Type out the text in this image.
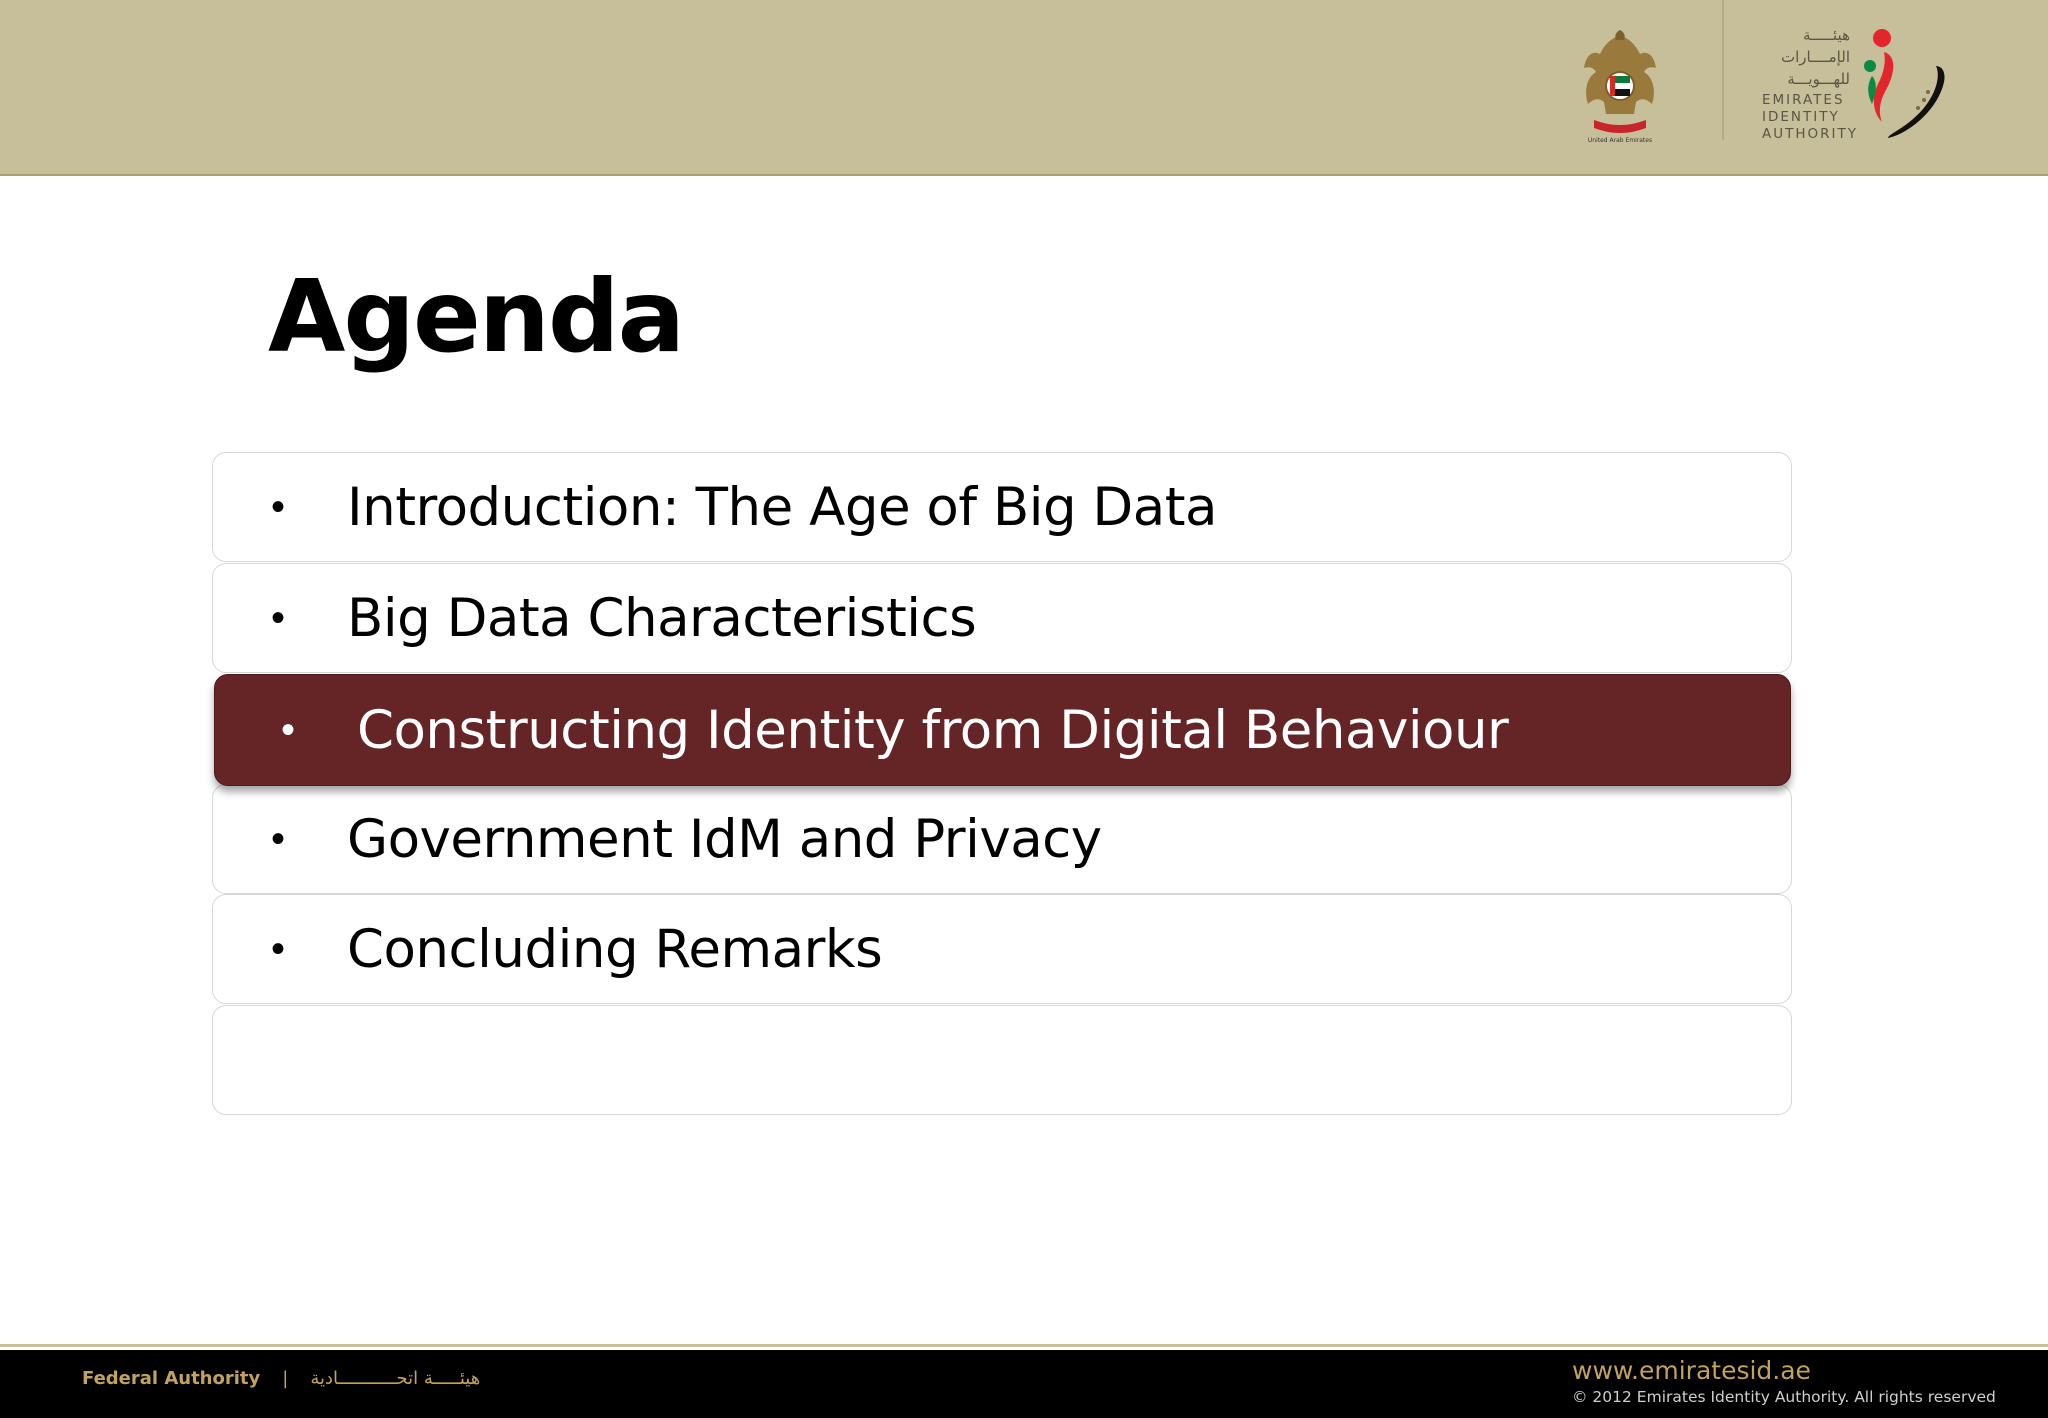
United Arab Emirates
هيئـــــة
الإمــــارات
للهـــويـــة
EMIRATES
IDENTITY
AUTHORITY
Agenda
• Introduction: The Age of Big Data
• Big Data Characteristics
• Constructing Identity from Digital Behaviour
• Government IdM and Privacy
• Concluding Remarks
Federal Authority | هيئـــــة اتحـــــــــــادية	www.emiratesid.ae
© 2012 Emirates Identity Authority. All rights reserved
